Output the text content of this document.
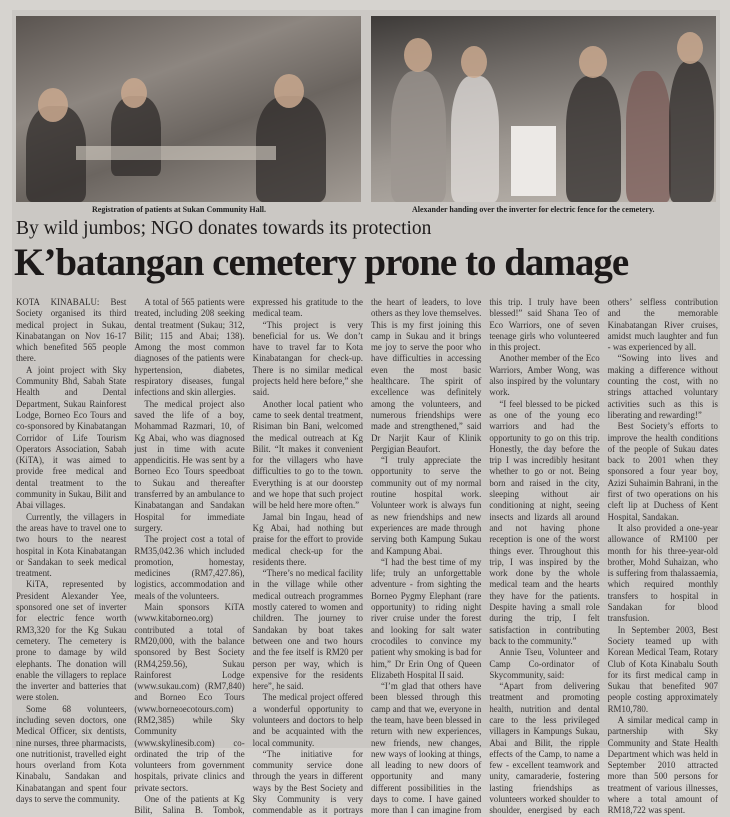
Registration of patients at Sukan Community Hall.	Alexander handing over the inverter for electric fence for the cemetery.
By wild jumbos; NGO donates towards its protection
K’batangan cemetery prone to damage

KOTA KINABALU: Best Society organised its third medical project in Sukau, Kinabatangan on Nov 16-17 which benefited 565 people there.

A joint project with Sky Community Bhd, Sabah State Health and Dental Department, Sukau Rainforest Lodge, Borneo Eco Tours and co-sponsored by Kinabatangan Corridor of Life Tourism Operators Association, Sabah (KiTA), it was aimed to provide free medical and dental treatment to the community in Sukau, Bilit and Abai villages.

Currently, the villagers in the areas have to travel one to two hours to the nearest hospital in Kota Kinabatangan or Sandakan to seek medical treatment.

KiTA, represented by President Alexander Yee, sponsored one set of inverter for electric fence worth RM3,320 for the Kg Sukau cemetery. The cemetery is prone to damage by wild elephants. The donation will enable the villagers to replace the inverter and batteries that were stolen.

Some 68 volunteers, including seven doctors, one Medical Officer, six dentists, nine nurses, three pharmacists, one nutritionist, travelled eight hours overland from Kota Kinabalu, Sandakan and Kinabatangan and spent four days to serve the community.

A total of 565 patients were treated, including 208 seeking dental treatment (Sukau; 312, Bilit; 115 and Abai; 138). Among the most common diagnoses of the patients were hypertension, diabetes, respiratory diseases, fungal infections and skin allergies.

The medical project also saved the life of a boy, Mohammad Razmari, 10, of Kg Abai, who was diagnosed just in time with acute appendicitis. He was sent by a Borneo Eco Tours speedboat to Sukau and thereafter transferred by an ambulance to Kinabatangan and Sandakan Hospital for immediate surgery.

The project cost a total of RM35,042.36 which included promotion, homestay, medicines (RM7,427.86), logistics, accommodation and meals of the volunteers.

Main sponsors KiTA (www.kitaborneo.org) contributed a total of RM20,000, with the balance sponsored by Best Society (RM4,259.56), Sukau Rainforest Lodge (www.sukau.com) (RM7,840) and Borneo Eco Tours (www.borneoecotours.com) (RM2,385) while Sky Community (www.skylinesib.com) co-ordinated the trip of the volunteers from government hospitals, private clinics and private sectors.

One of the patients at Kg Bilit, Salina B. Tombok, expressed his gratitude to the medical team.

“This project is very beneficial for us. We don’t have to travel far to Kota Kinabatangan for check-up. There is no similar medical projects held here before,” she said.

Another local patient who came to seek dental treatment, Risiman bin Bani, welcomed the medical outreach at Kg Bilit. “It makes it convenient for the villagers who have difficulties to go to the town. Everything is at our doorstep and we hope that such project will be held here more often.”

Jamal bin Ingau, head of Kg Abai, had nothing but praise for the effort to provide medical check-up for the residents there.

“There’s no medical facility in the village while other medical outreach programmes mostly catered to women and children. The journey to Sandakan by boat takes between one and two hours and the fee itself is RM20 per person per way, which is expensive for the residents here”, he said.

The medical project offered a wonderful opportunity to volunteers and doctors to help and be acquainted with the local community.

“The initiative for community service done through the years in different ways by the Best Society and Sky Community is very commendable as it portrays the heart of leaders, to love others as they love themselves. This is my first joining this camp in Sukau and it brings me joy to serve the poor who have difficulties in accessing even the most basic healthcare. The spirit of excellence was definitely among the volunteers, and numerous friendships were made and strengthened,” said Dr Narjit Kaur of Klinik Pergigian Beaufort.

“I truly appreciate the opportunity to serve the community out of my normal routine hospital work. Volunteer work is always fun as new friendships and new experiences are made through serving both Kampung Sukau and Kampung Abai.

“I had the best time of my life; truly an unforgettable adventure - from sighting the Borneo Pygmy Elephant (rare opportunity) to riding night river cruise under the forest and looking for salt water crocodiles to convince my patient why smoking is bad for him,” Dr Erin Ong of Queen Elizabeth Hospital II said.

“I’m glad that others have been blessed through this camp and that we, everyone in the team, have been blessed in return with new experiences, new friends, new changes, new ways of looking at things, all leading to new doors of opportunity and many different possibilities in the days to come. I have gained more than I can imagine from this trip. I truly have been blessed!” said Shana Teo of Eco Warriors, one of seven teenage girls who volunteered in this project.

Another member of the Eco Warriors, Amber Wong, was also inspired by the voluntary work.

“I feel blessed to be picked as one of the young eco warriors and had the opportunity to go on this trip. Honestly, the day before the trip I was incredibly hesitant whether to go or not. Being born and raised in the city, sleeping without air conditioning at night, seeing insects and lizards all around and not having phone reception is one of the worst things ever. Throughout this trip, I was inspired by the work done by the whole medical team and the hearts they have for the patients. Despite having a small role during the trip, I felt satisfaction in contributing back to the community.”

Annie Tseu, Volunteer and Camp Co-ordinator of Skycommunity, said:

“Apart from delivering treatment and promoting health, nutrition and dental care to the less privileged villagers in Kampungs Sukau, Abai and Bilit, the ripple effects of the Camp, to name a few - excellent teamwork and unity, camaraderie, fostering lasting friendships as volunteers worked shoulder to shoulder, energised by each others’ selfless contribution and the memorable Kinabatangan River cruises, amidst much laughter and fun - was experienced by all.

“Sowing into lives and making a difference without counting the cost, with no strings attached voluntary activities such as this is liberating and rewarding!”

Best Society’s efforts to improve the health conditions of the people of Sukau dates back to 2001 when they sponsored a four year boy, Azizi Suhaimin Bahrani, in the first of two operations on his cleft lip at Duchess of Kent Hospital, Sandakan.

It also provided a one-year allowance of RM100 per month for his three-year-old brother, Mohd Suhaizan, who is suffering from thalassaemia, which required monthly transfers to hospital in Sandakan for blood transfusion.

In September 2003, Best Society teamed up with Korean Medical Team, Rotary Club of Kota Kinabalu South for its first medical camp in Sukau that benefited 907 people costing approximately RM10,780.

A similar medical camp in partnership with Sky Community and State Health Department which was held in September 2010 attracted more than 500 persons for treatment of various illnesses, where a total amount of RM18,722 was spent.
